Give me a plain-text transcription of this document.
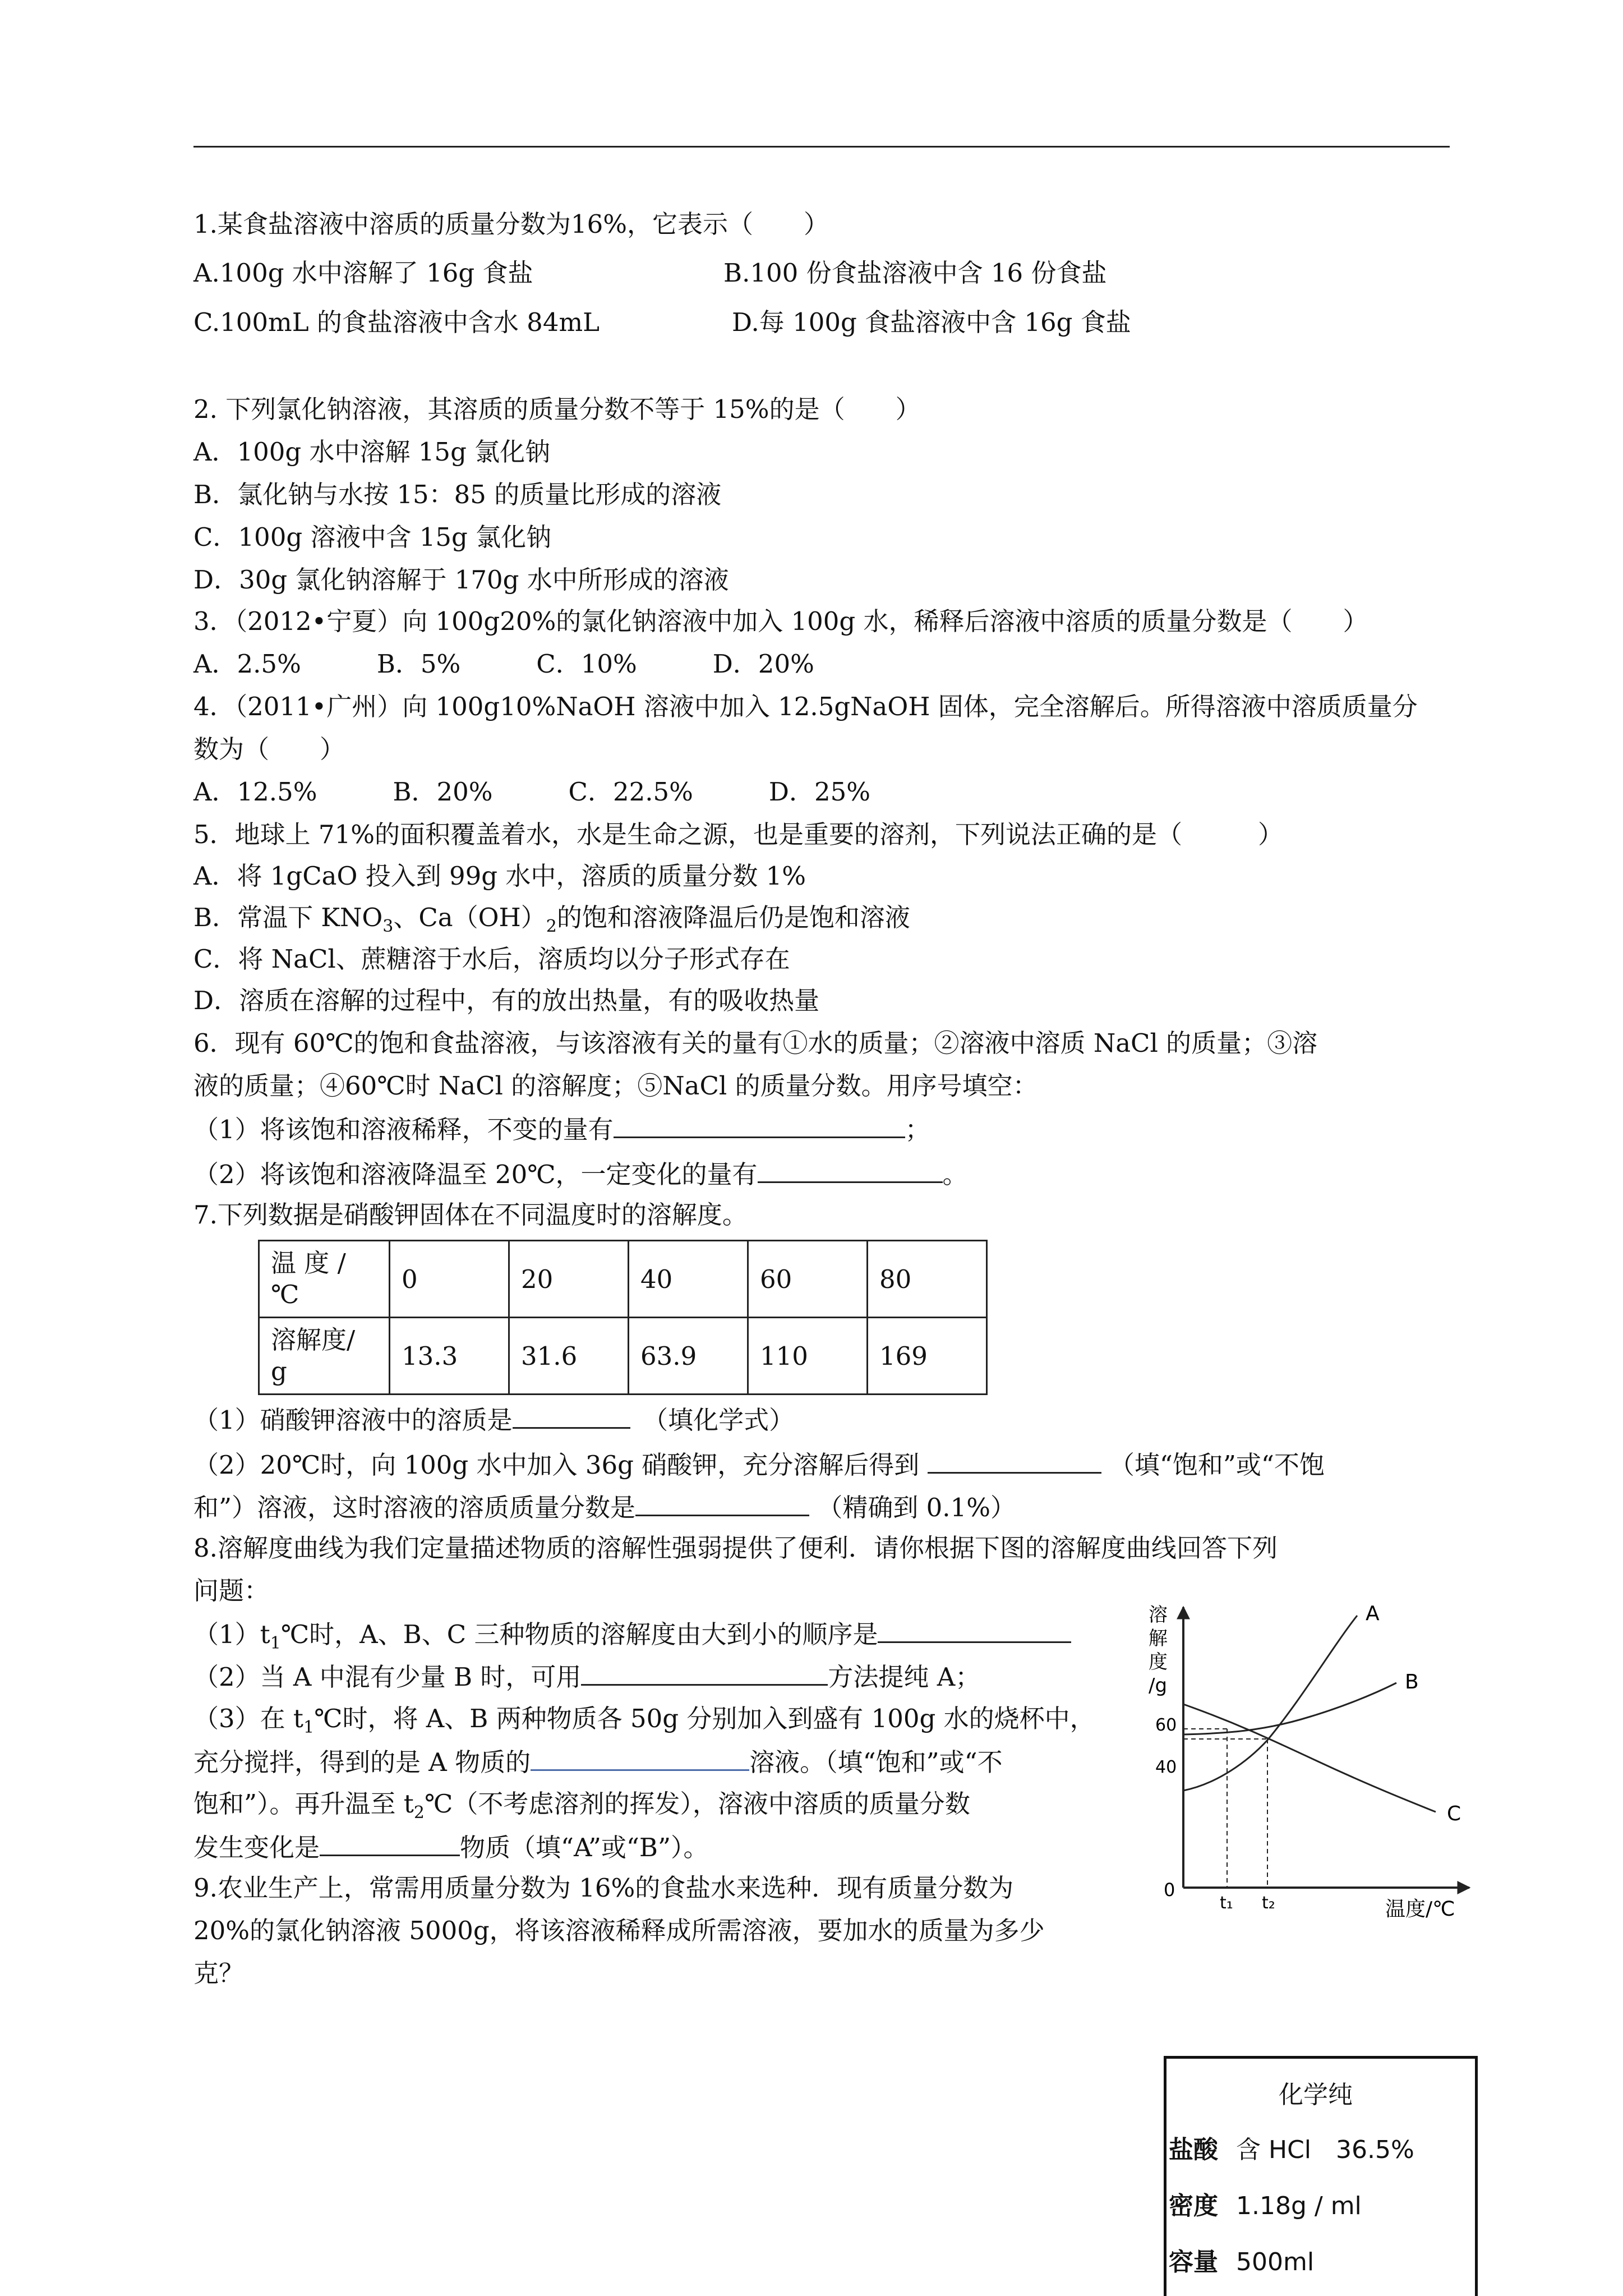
1.某食盐溶液中溶质的质量分数为16%，它表示（　　）
A.100g 水中溶解了 16g 食盐	B.100 份食盐溶液中含 16 份食盐
C.100mL 的食盐溶液中含水 84mL	D.每 100g 食盐溶液中含 16g 食盐
2. 下列氯化钠溶液，其溶质的质量分数不等于 15%的是（　　）
A．100g 水中溶解 15g 氯化钠
B．氯化钠与水按 15：85 的质量比形成的溶液
C．100g 溶液中含 15g 氯化钠
D．30g 氯化钠溶解于 170g 水中所形成的溶液
3．（2012•宁夏）向 100g20%的氯化钠溶液中加入 100g 水，稀释后溶液中溶质的质量分数是（　　）
A．2.5%　　　B．5%　　　C．10%　　　D．20%
4．（2011•广州）向 100g10%NaOH 溶液中加入 12.5gNaOH 固体，完全溶解后。所得溶液中溶质质量分
数为（　　）
A．12.5%　　　B．20%　　　C．22.5%　　　D．25%
5．地球上 71%的面积覆盖着水，水是生命之源，也是重要的溶剂，下列说法正确的是（　　　）
A．将 1gCaO 投入到 99g 水中，溶质的质量分数 1%
B．常温下 $KNO_3$、$Ca(OH)_2$的饱和溶液降温后仍是饱和溶液
C．将 NaCl、蔗糖溶于水后，溶质均以分子形式存在
D．溶质在溶解的过程中，有的放出热量，有的吸收热量
6．现有 60℃的饱和食盐溶液，与该溶液有关的量有①水的质量；②溶液中溶质 NaCl 的质量；③溶
液的质量；④60℃时 NaCl 的溶解度；⑤NaCl 的质量分数。用序号填空：
（1）将该饱和溶液稀释，不变的量有	；
（2）将该饱和溶液降温至 20℃，一定变化的量有	。
7.下列数据是硝酸钾固体在不同温度时的溶解度。
温 度 / ℃	0	20	40	60	80
溶解度/ g	13.3	31.6	63.9	110	169
（1）硝酸钾溶液中的溶质是	　（填化学式）
（2）20℃时，向 100g 水中加入 36g 硝酸钾，充分溶解后得到	（填“饱和”或“不饱
和”）溶液，这时溶液的溶质质量分数是	（精确到 0.1%）
8.溶解度曲线为我们定量描述物质的溶解性强弱提供了便利．请你根据下图的溶解度曲线回答下列
问题：
$(1)t_1℃$时，A、B、C 三种物质的溶解度由大到小的顺序是
（2）当 A 中混有少量 B 时，可用	方法提纯 A；
（3）在 $t_1℃$时，将 A、B 两种物质各 50g 分别加入到盛有 100g 水的烧杯中，
充分搅拌，得到的是 A 物质的	溶液。（填“饱和”或“不
饱和”）。再升温至 $t_2℃$（不考虑溶剂的挥发），溶液中溶质的质量分数
发生变化是	物质（填“A”或“B”）。
9.农业生产上，常需用质量分数为 16%的食盐水来选种．现有质量分数为
20%的氯化钠溶液 5000g，将该溶液稀释成所需溶液，要加水的质量为多少
克？
溶解度/g
温度/℃
0
60
40
t₁ t₂
A
B
C
化学纯
盐酸 含 HCl　36.5%
密度 1.18g / ml
容量 500ml
